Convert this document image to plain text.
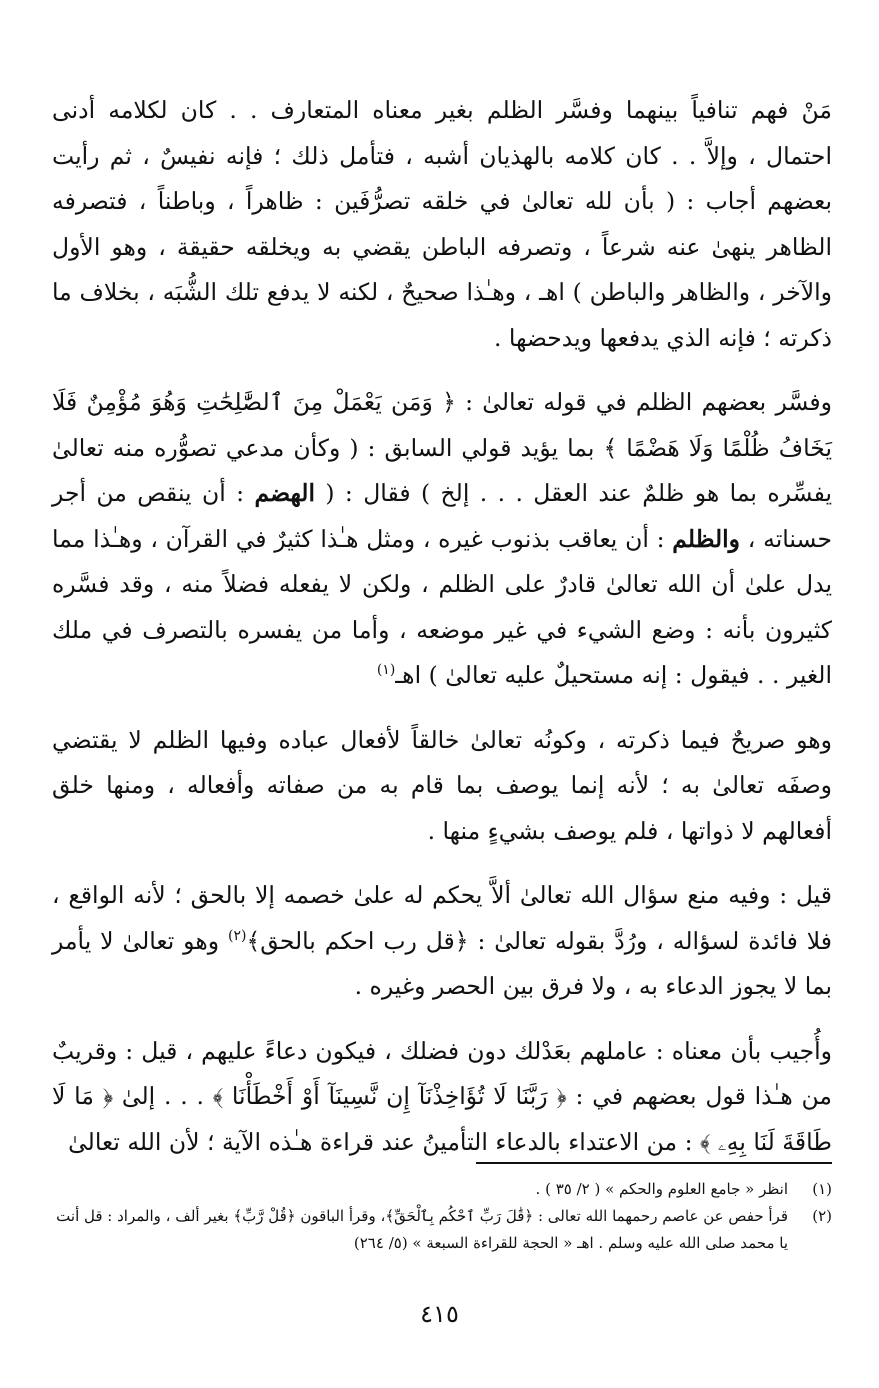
مَنْ فهم تنافياً بينهما وفسَّر الظلم بغير معناه المتعارف . . كان لكلامه أدنى احتمال ، وإلاَّ . . كان كلامه بالهذيان أشبه ، فتأمل ذلك ؛ فإنه نفيسٌ ، ثم رأيت بعضهم أجاب : ( بأن لله تعالىٰ في خلقه تصرُّفَين : ظاهراً ، وباطناً ، فتصرفه الظاهر ينهىٰ عنه شرعاً ، وتصرفه الباطن يقضي به ويخلقه حقيقة ، وهو الأول والآخر ، والظاهر والباطن ) اهـ ، وهـٰذا صحيحٌ ، لكنه لا يدفع تلك الشُّبَه ، بخلاف ما ذكرته ؛ فإنه الذي يدفعها ويدحضها .

وفسَّر بعضهم الظلم في قوله تعالىٰ : ﴿ وَمَن يَعْمَلْ مِنَ ٱلصَّٰلِحَٰتِ وَهُوَ مُؤْمِنٌ فَلَا يَخَافُ ظُلْمًا وَلَا هَضْمًا ﴾ بما يؤيد قولي السابق : ( وكأن مدعي تصوُّره منه تعالىٰ يفسِّره بما هو ظلمٌ عند العقل . . . إلخ ) فقال : ( الهضم : أن ينقص من أجر حسناته ، والظلم : أن يعاقب بذنوب غيره ، ومثل هـٰذا كثيرٌ في القرآن ، وهـٰذا مما يدل علىٰ أن الله تعالىٰ قادرٌ على الظلم ، ولكن لا يفعله فضلاً منه ، وقد فسَّره كثيرون بأنه : وضع الشيء في غير موضعه ، وأما من يفسره بالتصرف في ملك الغير . . فيقول : إنه مستحيلٌ عليه تعالىٰ ) اهـ$^{(١)}$

وهو صريحٌ فيما ذكرته ، وكونُه تعالىٰ خالقاً لأفعال عباده وفيها الظلم لا يقتضي وصفَه تعالىٰ به ؛ لأنه إنما يوصف بما قام به من صفاته وأفعاله ، ومنها خلق أفعالهم لا ذواتها ، فلم يوصف بشيءٍ منها .

قيل : وفيه منع سؤال الله تعالىٰ ألاَّ يحكم له علىٰ خصمه إلا بالحق ؛ لأنه الواقع ، فلا فائدة لسؤاله ، ورُدَّ بقوله تعالىٰ : ﴿قل رب احكم بالحق﴾$^{(٢)}$ وهو تعالىٰ لا يأمر بما لا يجوز الدعاء به ، ولا فرق بين الحصر وغيره .

وأُجيب بأن معناه : عاملهم بعَدْلك دون فضلك ، فيكون دعاءً عليهم ، قيل : وقريبٌ من هـٰذا قول بعضهم في : ﴿ رَبَّنَا لَا تُؤَاخِذْنَآ إِن نَّسِينَآ أَوْ أَخْطَأْنَا ﴾ . . . إلىٰ ﴿ مَا لَا طَاقَةَ لَنَا بِهِۦ ﴾ : من الاعتداء بالدعاء التأمينُ عند قراءة هـٰذه الآية ؛ لأن الله تعالىٰ

(١)
انظر « جامع العلوم والحكم » ( ٢/ ٣٥ ) .
(٢)
قرأ حفص عن عاصم رحمهما الله تعالى : ﴿قَٰلَ رَبِّ ٱحْكُم بِٱلْحَقِّ﴾، وقرأ الباقون ﴿قُلْ رَّبِّ﴾ بغير ألف ، والمراد : قل أنت يا محمد صلى الله عليه وسلم . اهـ « الحجة للقراءة السبعة » (٥/ ٢٦٤)
٤١٥
